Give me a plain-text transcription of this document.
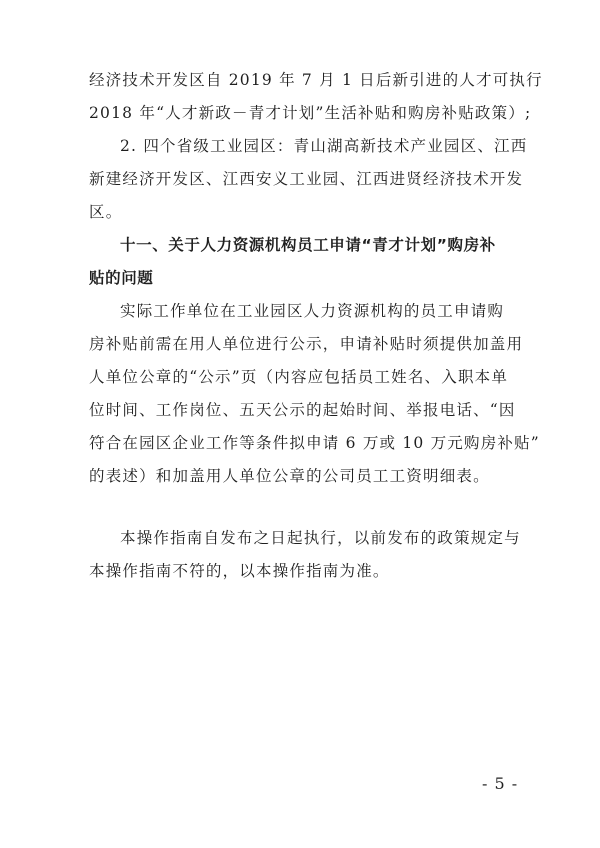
经济技术开发区自 2019 年 7 月 1 日后新引进的人才可执行
2018 年“人才新政－青才计划”生活补贴和购房补贴政策）;
2. 四个省级工业园区：青山湖高新技术产业园区、江西
新建经济开发区、江西安义工业园、江西进贤经济技术开发
区。
十一、关于人力资源机构员工申请“青才计划”购房补
贴的问题
实际工作单位在工业园区人力资源机构的员工申请购
房补贴前需在用人单位进行公示，申请补贴时须提供加盖用
人单位公章的“公示”页（内容应包括员工姓名、入职本单
位时间、工作岗位、五天公示的起始时间、举报电话、“因
符合在园区企业工作等条件拟申请 6 万或 10 万元购房补贴”
的表述）和加盖用人单位公章的公司员工工资明细表。
本操作指南自发布之日起执行，以前发布的政策规定与
本操作指南不符的，以本操作指南为准。
- 5 -
